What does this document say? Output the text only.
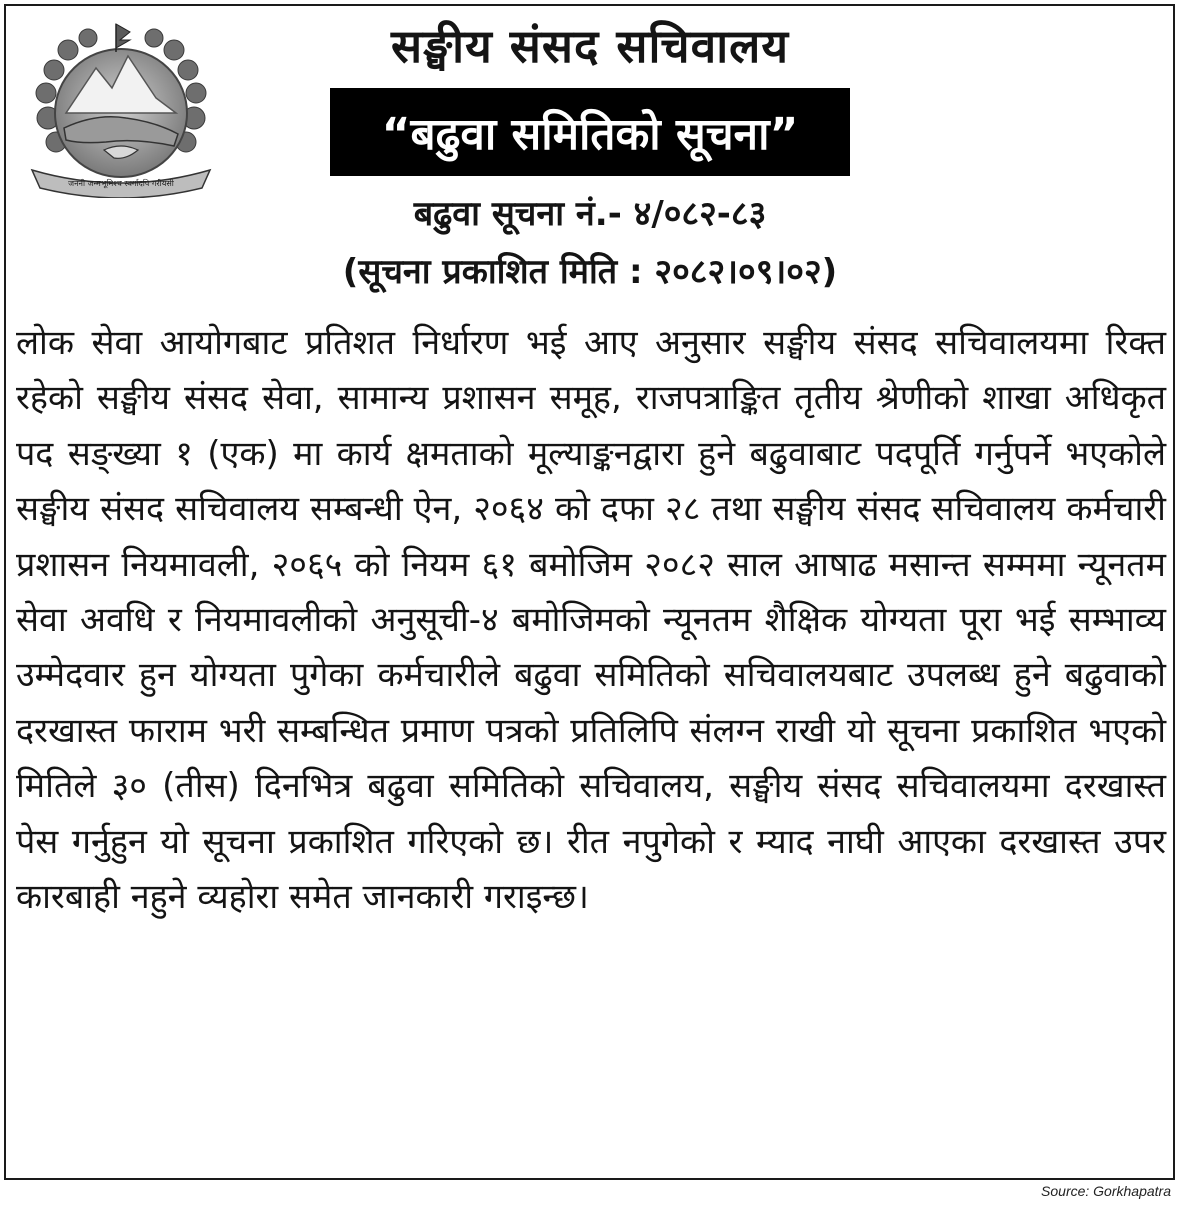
जननी जन्मभूमिश्च स्वर्गादपि गरीयसी
सङ्घीय संसद सचिवालय
“बढुवा समितिको सूचना”
बढुवा सूचना नं.- ४/०८२-८३
(सूचना प्रकाशित मिति : २०८२।०९।०२)

लोक सेवा आयोगबाट प्रतिशत निर्धारण भई आए अनुसार सङ्घीय संसद सचिवालयमा रिक्त रहेको सङ्घीय संसद सेवा, सामान्य प्रशासन समूह, राजपत्राङ्कित तृतीय श्रेणीको शाखा अधिकृत पद सङ्ख्या १ (एक) मा कार्य क्षमताको मूल्याङ्कनद्वारा हुने बढुवाबाट पदपूर्ति गर्नुपर्ने भएकोले सङ्घीय संसद सचिवालय सम्बन्धी ऐन, २०६४ को दफा २८ तथा सङ्घीय संसद सचिवालय कर्मचारी प्रशासन नियमावली, २०६५ को नियम ६१ बमोजिम २०८२ साल आषाढ मसान्त सम्ममा न्यूनतम सेवा अवधि र नियमावलीको अनुसूची-४ बमोजिमको न्यूनतम शैक्षिक योग्यता पूरा भई सम्भाव्य उम्मेदवार हुन योग्यता पुगेका कर्मचारीले बढुवा समितिको सचिवालयबाट उपलब्ध हुने बढुवाको दरखास्त फाराम भरी सम्बन्धित प्रमाण पत्रको प्रतिलिपि संलग्न राखी यो सूचना प्रकाशित भएको मितिले ३० (तीस) दिनभित्र बढुवा समितिको सचिवालय, सङ्घीय संसद सचिवालयमा दरखास्त पेस गर्नुहुन यो सूचना प्रकाशित गरिएको छ। रीत नपुगेको र म्याद नाघी आएका दरखास्त उपर कारबाही नहुने व्यहोरा समेत जानकारी गराइन्छ।

Source: Gorkhapatra
